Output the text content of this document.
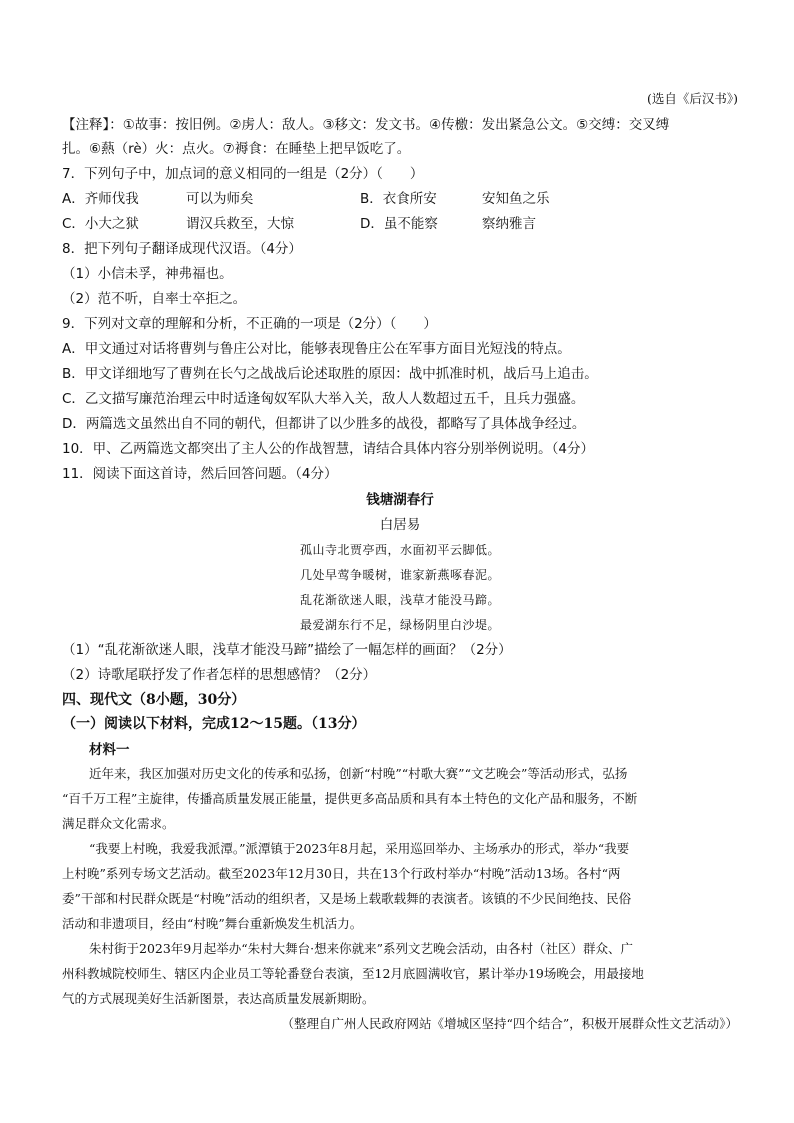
(选自《后汉书》)
【注释】：①故事：按旧例。②虏人：敌人。③移文：发文书。④传檄：发出紧急公文。⑤交缚：交叉缚
扎。⑥爇（rè）火：点火。⑦褥食：在睡垫上把早饭吃了。
7．下列句子中，加点词的意义相同的一组是（2分）（　　）
A．齐师伐我	可以为师矣	B．衣食所安	安知鱼之乐
C．小大之狱	谓汉兵救至，大惊	D．虽不能察	察纳雅言
8．把下列句子翻译成现代汉语。（4分）
（1）小信未孚，神弗福也。
（2）范不听，自率士卒拒之。
9．下列对文章的理解和分析，不正确的一项是（2分）（　　）
A．甲文通过对话将曹刿与鲁庄公对比，能够表现鲁庄公在军事方面目光短浅的特点。
B．甲文详细地写了曹刿在长勺之战战后论述取胜的原因：战中抓准时机，战后马上追击。
C．乙文描写廉范治理云中时适逢匈奴军队大举入关，敌人人数超过五千，且兵力强盛。
D．两篇选文虽然出自不同的朝代，但都讲了以少胜多的战役，都略写了具体战争经过。
10．甲、乙两篇选文都突出了主人公的作战智慧，请结合具体内容分别举例说明。（4分）
11．阅读下面这首诗，然后回答问题。（4分）
钱塘湖春行
白居易
孤山寺北贾亭西，水面初平云脚低。
几处早莺争暖树，谁家新燕啄春泥。
乱花渐欲迷人眼，浅草才能没马蹄。
最爱湖东行不足，绿杨阴里白沙堤。
（1）“乱花渐欲迷人眼，浅草才能没马蹄”描绘了一幅怎样的画面？（2分）
（2）诗歌尾联抒发了作者怎样的思想感情？（2分）
四、现代文（8小题，30分）
（一）阅读以下材料，完成12～15题。（13分）
材料一
近年来，我区加强对历史文化的传承和弘扬，创新“村晚”“村歌大赛”“文艺晚会”等活动形式，弘扬
“百千万工程”主旋律，传播高质量发展正能量，提供更多高品质和具有本土特色的文化产品和服务，不断
满足群众文化需求。
“我要上村晚，我爱我派潭。”派潭镇于2023年8月起，采用巡回举办、主场承办的形式，举办“我要
上村晚”系列专场文艺活动。截至2023年12月30日，共在13个行政村举办“村晚”活动13场。各村“两
委”干部和村民群众既是“村晚”活动的组织者，又是场上载歌载舞的表演者。该镇的不少民间绝技、民俗
活动和非遗项目，经由“村晚”舞台重新焕发生机活力。
朱村街于2023年9月起举办“朱村大舞台·想来你就来”系列文艺晚会活动，由各村（社区）群众、广
州科教城院校师生、辖区内企业员工等轮番登台表演，至12月底圆满收官，累计举办19场晚会，用最接地
气的方式展现美好生活新图景，表达高质量发展新期盼。
（整理自广州人民政府网站《增城区坚持“四个结合”，积极开展群众性文艺活动》）
